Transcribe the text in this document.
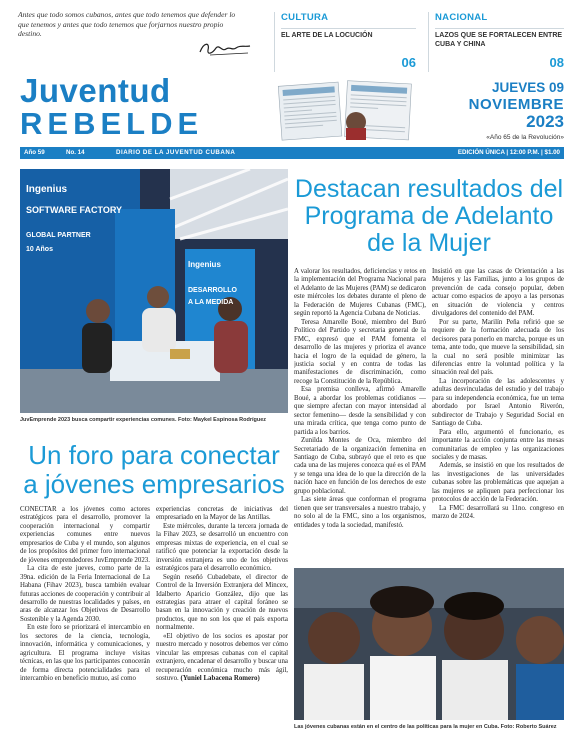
Antes que todo somos cubanos, antes que todo tenemos que defender lo que tenemos y antes que todo tenemos que forjarnos nuestro propio destino.
CULTURA
EL ARTE DE LA LOCUCIÓN
06
NACIONAL
LAZOS QUE SE FORTALECEN ENTRE CUBA Y CHINA
08
Juventud
REBELDE
JUEVES 09
NOVIEMBRE
2023
«Año 65 de la Revolución»
Año 59	No. 14	DIARIO DE LA JUVENTUD CUBANA	EDICIÓN ÚNICA | 12:00 P.M. | $1.00
Ingenius
SOFTWARE FACTORY
GLOBAL PARTNER
10 Años
Ingenius
DESARROLLO
A LA MEDIDA
JuvEmprende 2023 busca compartir experiencias comunes. Foto: Maykel Espinosa Rodríguez
Destacan resultados del Programa de Adelanto de la Mujer

A valorar los resultados, deficiencias y retos en la implementación del Programa Nacional para el Adelanto de las Mujeres (PAM) se dedicaron este miércoles los debates durante el pleno de la Federación de Mujeres Cubanas (FMC), según reportó la Agencia Cubana de Noticias.

Teresa Amarelle Boué, miembro del Buró Político del Partido y secretaria general de la FMC, expresó que el PAM fomenta el desarrollo de las mujeres y prioriza el avance hacia el logro de la equidad de género, la justicia social y en contra de todas las manifestaciones de discriminación, como recoge la Constitución de la República.

Esa premisa conlleva, afirmó Amarelle Boué, a abordar los problemas cotidianos —que siempre afectan con mayor intensidad al sector femenino— desde la sensibilidad y con una mirada crítica, que tenga como punto de partida a los barrios.

Zunilda Montes de Oca, miembro del Secretariado de la organización femenina en Santiago de Cuba, subrayó que el reto es que cada una de las mujeres conozca qué es el PAM y se tenga una idea de lo que la dirección de la nación hace en función de los derechos de este grupo poblacional.

Las siete áreas que conforman el programa tienen que ser transversales a nuestro trabajo, y no solo al de la FMC, sino a los organismos, entidades y toda la sociedad, manifestó.

Insistió en que las casas de Orientación a las Mujeres y las Familias, junto a los grupos de prevención de cada consejo popular, deben actuar como espacios de apoyo a las personas en situación de violencia y centros divulgadores del contenido del PAM.

Por su parte, Marilín Peña refirió que se requiere de la formación adecuada de los decisores para ponerlo en marcha, porque es un tema, ante todo, que mueve la sensibilidad, sin la cual no será posible minimizar las diferencias entre la voluntad política y la situación real del país.

La incorporación de las adolescentes y adultas desvinculadas del estudio y del trabajo para su independencia económica, fue un tema abordado por Israel Antonio Riverón, subdirector de Trabajo y Seguridad Social en Santiago de Cuba.

Para ello, argumentó el funcionario, es importante la acción conjunta entre las mesas comunitarias de empleo y las organizaciones sociales y de masas.

Además, se insistió en que los resultados de las investigaciones de las universidades cubanas sobre las problemáticas que aquejan a las mujeres se apliquen para perfeccionar los protocolos de acción de la Federación.

La FMC desarrollará su 11no. congreso en marzo de 2024.

Un foro para conectar a jóvenes empresarios

CONECTAR a los jóvenes como actores estratégicos para el desarrollo, promover la cooperación internacional y compartir experiencias comunes entre nuevos empresarios de Cuba y el mundo, son algunos de los propósitos del primer foro internacional de jóvenes emprendedores JuvEmprende 2023.

La cita de este jueves, como parte de la 39na. edición de la Feria Internacional de La Habana (Fihav 2023), busca también evaluar futuras acciones de cooperación y contribuir al desarrollo de nuestras localidades y países, en aras de alcanzar los Objetivos de Desarrollo Sostenible y la Agenda 2030.

En este foro se priorizará el intercambio en los sectores de la ciencia, tecnología, innovación, informática y comunicaciones, y agricultura. El programa incluye visitas técnicas, en las que los participantes conocerán de forma directa potencialidades para el intercambio en beneficio mutuo, así como

experiencias concretas de iniciativas del empresariado en la Mayor de las Antillas.

Este miércoles, durante la tercera jornada de la Fihav 2023, se desarrolló un encuentro con empresas mixtas de experiencia, en el cual se ratificó que potenciar la exportación desde la inversión extranjera es uno de los objetivos estratégicos para el desarrollo económico.

Según reseñó Cubadebate, el director de Control de la Inversión Extranjera del Mincex, Idalberto Aparicio González, dijo que las estrategias para atraer el capital foráneo se basan en la innovación y creación de nuevos productos, que no son los que el país exporta normalmente.

«El objetivo de los socios es apostar por nuestro mercado y nosotros debemos ver cómo vincular las empresas cubanas con el capital extranjero, encadenar el desarrollo y buscar una recuperación económica mucho más ágil, sostuvo. (Yuniel Labacena Romero)

Las jóvenes cubanas están en el centro de las políticas para la mujer en Cuba. Foto: Roberto Suárez
